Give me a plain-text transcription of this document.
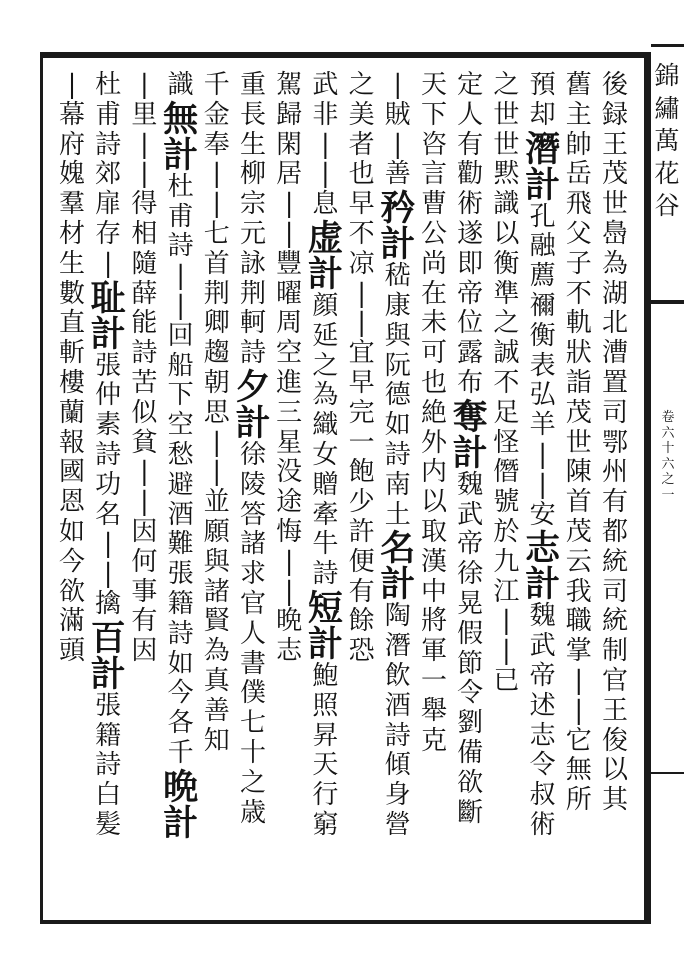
錦
繡
萬
花
谷
卷
六
十
六
之
一
後
録
王
茂
世
㠀
為
湖
北
漕
置
司
鄂
州
有
都
統
司
統
制
官
王
俊
以
其
舊
主
帥
岳
飛
父
子
不
軌
狀
詣
茂
世
陳
首
茂
云
我
職
掌
|
|
它
無
所
預
却
潛
計
孔
融
薦
禰
衡
表
弘
羊
|
|
安
志
計
魏
武
帝
述
志
令
叔
術
之
世
世
黙
識
以
衡
準
之
誠
不
足
怪
僭
號
於
九
江
|
|
已
定
人
有
勸
術
遂
即
帝
位
露
布
奪
計
魏
武
帝
徐
晃
假
節
令
劉
備
欲
斷
天
下
咨
言
曹
公
尚
在
未
可
也
絶
外
内
以
取
漢
中
將
軍
一
舉
克
|
賊
|
善
矜
計
嵇
康
與
阮
德
如
詩
南
土
名
計
陶
潛
飲
酒
詩
傾
身
營
之
美
者
也
早
不
凉
|
|
宜
早
完
一
飽
少
許
便
有
餘
恐
武
非
|
|
息
虚
計
顔
延
之
為
織
女
贈
牽
牛
詩
短
計
鮑
照
昇
天
行
窮
駕
歸
閑
居
|
|
豐
曜
周
空
進
三
星
没
途
悔
|
|
晩
志
重
長
生
柳
宗
元
詠
荆
軻
詩
夕
計
徐
陵
答
諸
求
官
人
書
僕
七
十
之
歳
千
金
奉
|
|
七
首
荆
卿
趨
朝
思
|
|
並
願
與
諸
賢
為
真
善
知
識
無
計
杜
甫
詩
|
|
回
船
下
空
愁
避
酒
難
張
籍
詩
如
今
各
千
晩
計
|
里
|
|
得
相
隨
薛
能
詩
苦
似
貧
|
|
因
何
事
有
因
杜
甫
詩
郊
扉
存
|
耻
計
張
仲
素
詩
功
名
|
|
擒
百
計
張
籍
詩
白
髪
|
幕
府
媿
羣
材
生
數
直
斬
樓
蘭
報
國
恩
如
今
欲
滿
頭
